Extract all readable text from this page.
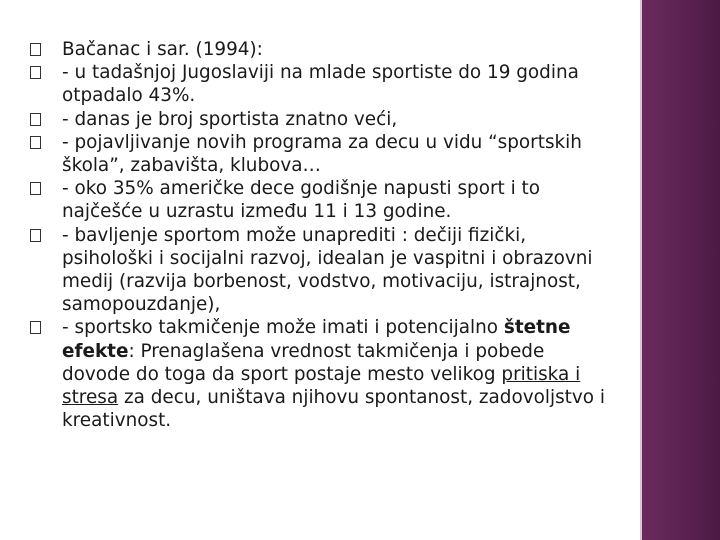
Bačanac i sar. (1994):
- u tadašnjoj Jugoslaviji na mlade sportiste do 19 godina otpadalo 43%.
- danas je broj sportista znatno veći,
- pojavljivanje novih programa za decu u vidu “sportskih škola”, zabavišta, klubova…
- oko 35% američke dece godišnje napusti sport i to najčešće u uzrastu između 11 i 13 godine.
- bavljenje sportom može unaprediti : dečiji fizički, psihološki i socijalni razvoj, idealan je vaspitni i obrazovni medij (razvija borbenost, vodstvo, motivaciju, istrajnost, samopouzdanje),
- sportsko takmičenje može imati i potencijalno štetne efekte: Prenaglašena vrednost takmičenja i pobede dovode do toga da sport postaje mesto velikog pritiska i stresa za decu, uništava njihovu spontanost, zadovoljstvo i kreativnost.
